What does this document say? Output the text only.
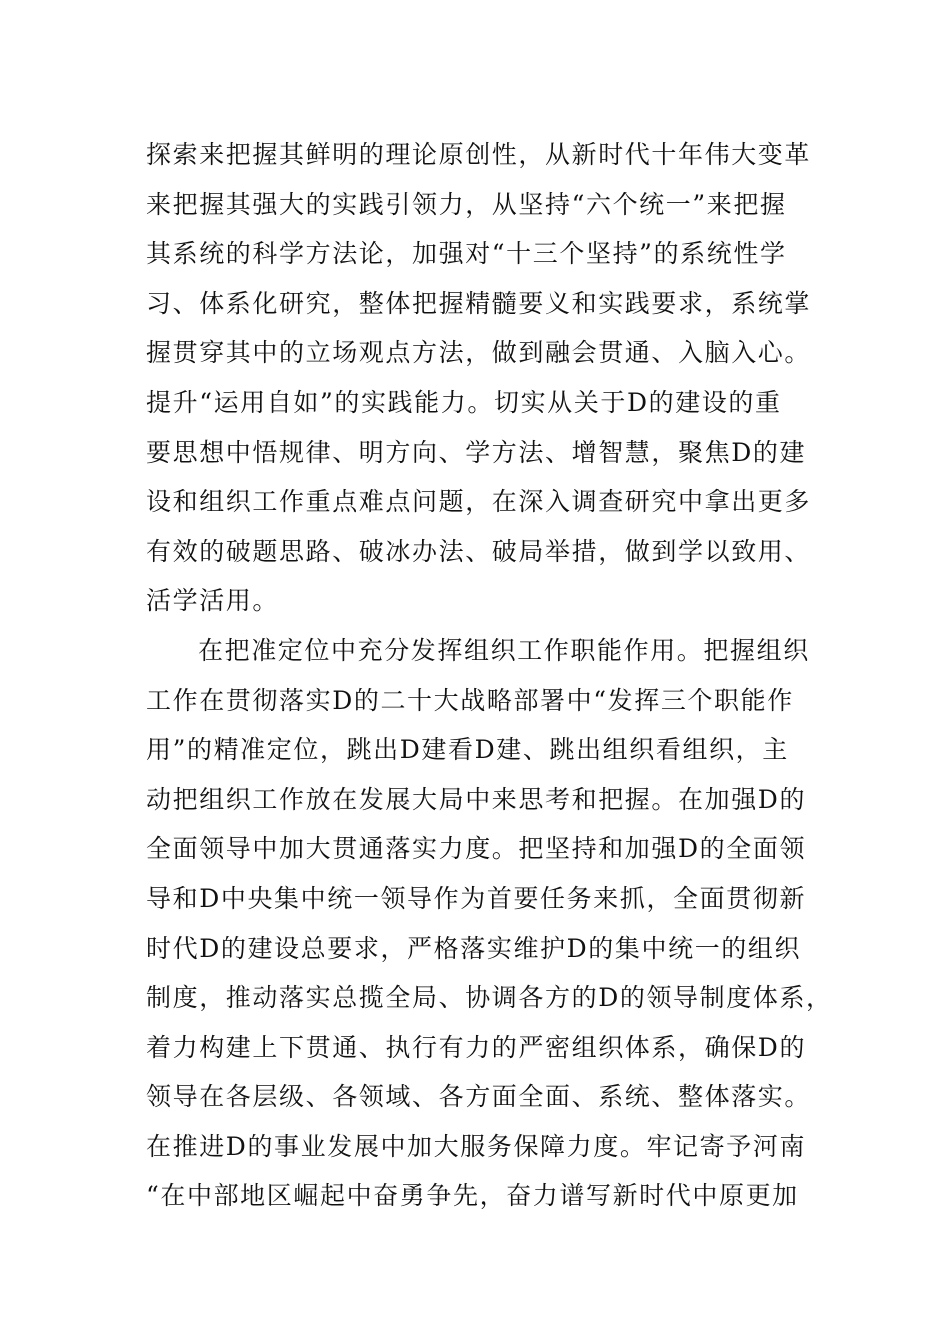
探索来把握其鲜明的理论原创性，从新时代十年伟大变革
来把握其强大的实践引领力，从坚持“六个统一”来把握
其系统的科学方法论，加强对“十三个坚持”的系统性学
习、体系化研究，整体把握精髓要义和实践要求，系统掌
握贯穿其中的立场观点方法，做到融会贯通、入脑入心。
提升“运用自如”的实践能力。切实从关于D的建设的重
要思想中悟规律、明方向、学方法、增智慧，聚焦D的建
设和组织工作重点难点问题，在深入调查研究中拿出更多
有效的破题思路、破冰办法、破局举措，做到学以致用、
活学活用。
在把准定位中充分发挥组织工作职能作用。把握组织
工作在贯彻落实D的二十大战略部署中“发挥三个职能作
用”的精准定位，跳出D建看D建、跳出组织看组织，主
动把组织工作放在发展大局中来思考和把握。在加强D的
全面领导中加大贯通落实力度。把坚持和加强D的全面领
导和D中央集中统一领导作为首要任务来抓，全面贯彻新
时代D的建设总要求，严格落实维护D的集中统一的组织
制度，推动落实总揽全局、协调各方的D的领导制度体系，
着力构建上下贯通、执行有力的严密组织体系，确保D的
领导在各层级、各领域、各方面全面、系统、整体落实。
在推进D的事业发展中加大服务保障力度。牢记寄予河南
“在中部地区崛起中奋勇争先，奋力谱写新时代中原更加
